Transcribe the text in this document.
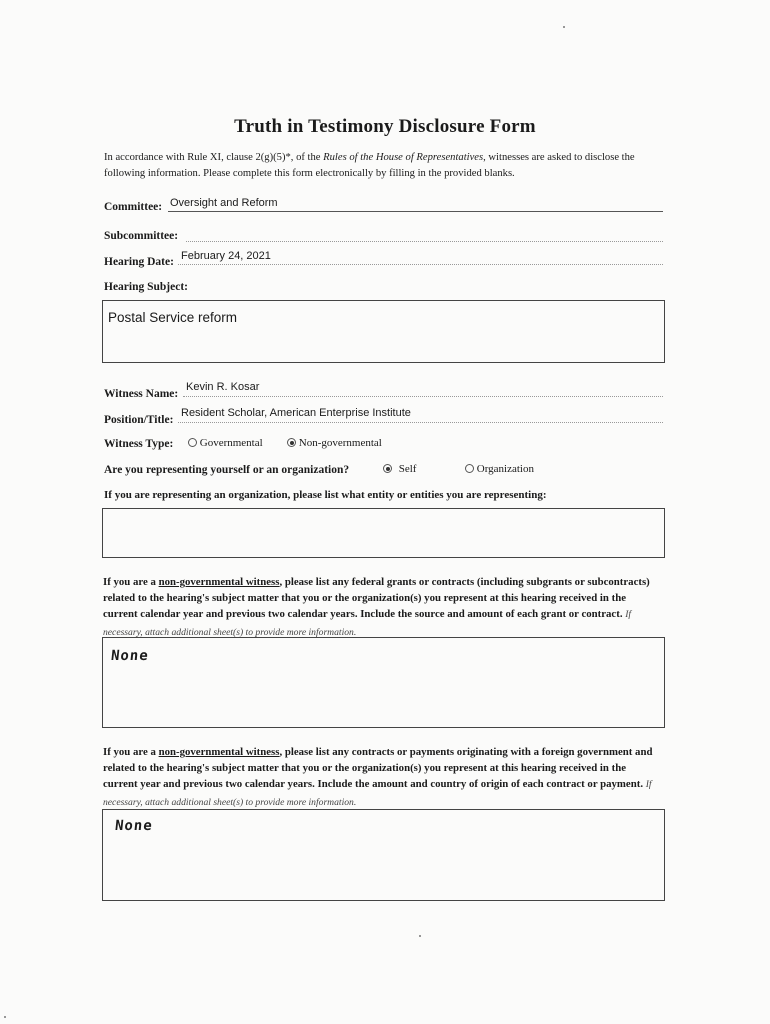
Truth in Testimony Disclosure Form
In accordance with Rule XI, clause 2(g)(5)*, of the Rules of the House of Representatives, witnesses are asked to disclose the following information. Please complete this form electronically by filling in the provided blanks.
Committee: Oversight and Reform
Subcommittee:
Hearing Date: February 24, 2021
Hearing Subject:
Postal Service reform
Witness Name:
Kevin R. Kosar
Position/Title:
Resident Scholar, American Enterprise Institute
Witness Type:	Governmental	Non-governmental
Are you representing yourself or an organization?	Self	Organization
If you are representing an organization, please list what entity or entities you are representing:
If you are a non-governmental witness, please list any federal grants or contracts (including subgrants or subcontracts) related to the hearing's subject matter that you or the organization(s) you represent at this hearing received in the current calendar year and previous two calendar years. Include the source and amount of each grant or contract. If necessary, attach additional sheet(s) to provide more information.
None
If you are a non-governmental witness, please list any contracts or payments originating with a foreign government and related to the hearing's subject matter that you or the organization(s) you represent at this hearing received in the current year and previous two calendar years. Include the amount and country of origin of each contract or payment. If necessary, attach additional sheet(s) to provide more information.
None
